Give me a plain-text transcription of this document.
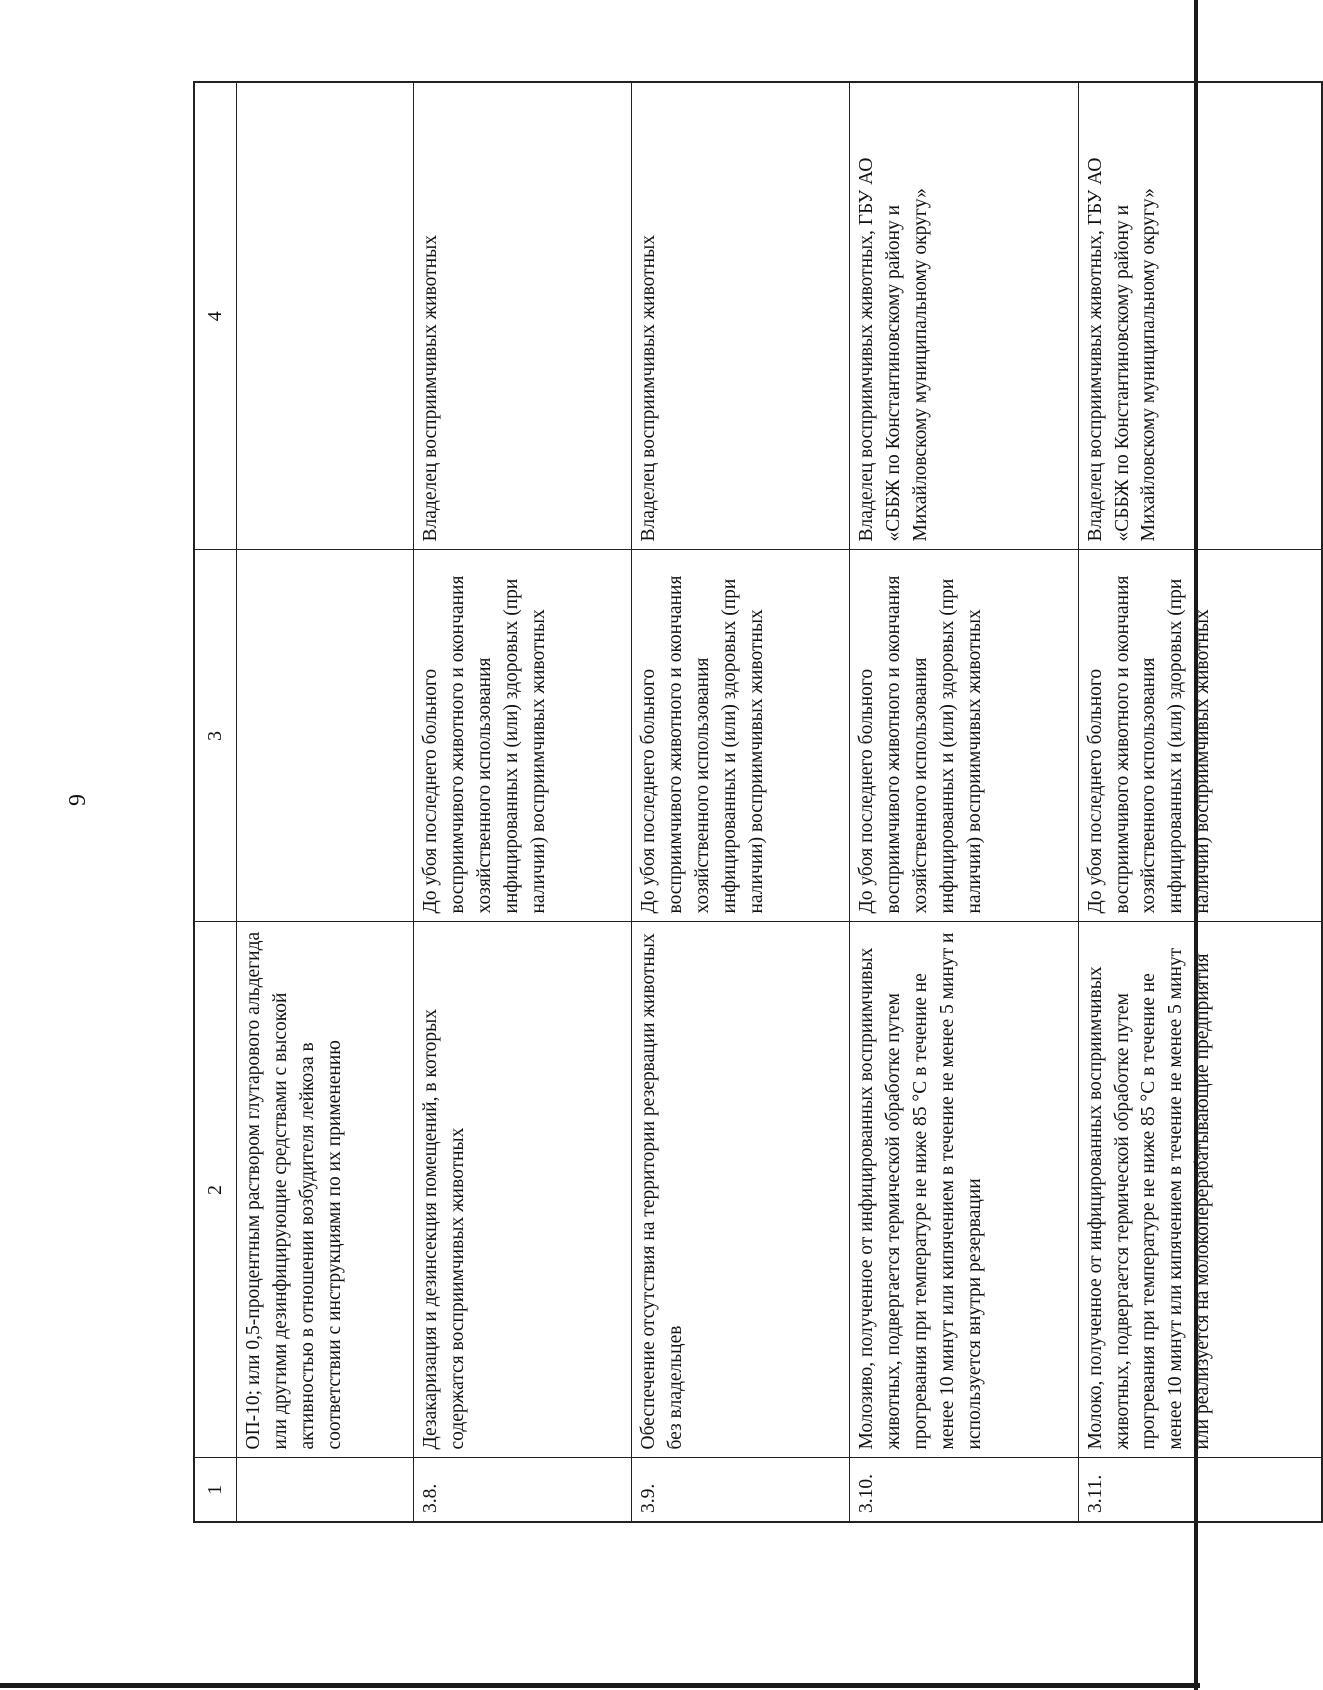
9
1	2	3	4
	ОП-10; или 0,5-процентным раствором глутарового альдегида или другими дезинфицирующие средствами с высокой активностью в отношении возбудителя лейкоза в соответствии с инструкциями по их применению		
3.8.	Дезакаризация и дезинсекция помещений, в которых содержатся восприимчивых животных	До убоя последнего больного восприимчивого животного и окончания хозяйственного использования инфицированных и (или) здоровых (при наличии) восприимчивых животных	Владелец восприимчивых животных
3.9.	Обеспечение отсутствия на территории резервации животных без владельцев	До убоя последнего больного восприимчивого животного и окончания хозяйственного использования инфицированных и (или) здоровых (при наличии) восприимчивых животных	Владелец восприимчивых животных
3.10.	Молозиво, полученное от инфицированных восприимчивых животных, подвергается термической обработке путем прогревания при температуре не ниже 85 °С в течение не менее 10 минут или кипячением в течение не менее 5 минут и используется внутри резервации	До убоя последнего больного восприимчивого животного и окончания хозяйственного использования инфицированных и (или) здоровых (при наличии) восприимчивых животных	Владелец восприимчивых животных, ГБУ АО «СББЖ по Константиновскому району и Михайловскому муниципальному округу»
3.11.	Молоко, полученное от инфицированных восприимчивых животных, подвергается термической обработке путем прогревания при температуре не ниже 85 °С в течение не менее 10 минут или кипячением в течение не менее 5 минут или реализуется на молокоперерабатывающие предприятия	До убоя последнего больного восприимчивого животного и окончания хозяйственного использования инфицированных и (или) здоровых (при наличии) восприимчивых животных	Владелец восприимчивых животных, ГБУ АО «СББЖ по Константиновскому району и Михайловскому муниципальному округу»
